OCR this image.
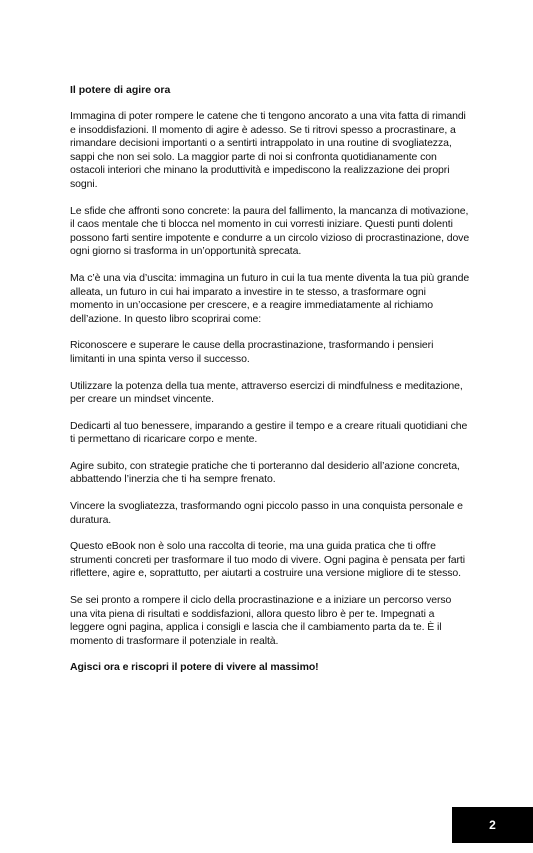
Il potere di agire ora

Immagina di poter rompere le catene che ti tengono ancorato a una vita fatta di rimandi e insoddisfazioni. Il momento di agire è adesso. Se ti ritrovi spesso a procrastinare, a rimandare decisioni importanti o a sentirti intrappolato in una routine di svogliatezza, sappi che non sei solo. La maggior parte di noi si confronta quotidianamente con ostacoli interiori che minano la produttività e impediscono la realizzazione dei propri sogni.

Le sfide che affronti sono concrete: la paura del fallimento, la mancanza di motivazione, il caos mentale che ti blocca nel momento in cui vorresti iniziare. Questi punti dolenti possono farti sentire impotente e condurre a un circolo vizioso di procrastinazione, dove ogni giorno si trasforma in un’opportunità sprecata.

Ma c’è una via d’uscita: immagina un futuro in cui la tua mente diventa la tua più grande alleata, un futuro in cui hai imparato a investire in te stesso, a trasformare ogni momento in un’occasione per crescere, e a reagire immediatamente al richiamo dell’azione. In questo libro scoprirai come:

Riconoscere e superare le cause della procrastinazione, trasformando i pensieri limitanti in una spinta verso il successo.

Utilizzare la potenza della tua mente, attraverso esercizi di mindfulness e meditazione, per creare un mindset vincente.

Dedicarti al tuo benessere, imparando a gestire il tempo e a creare rituali quotidiani che ti permettano di ricaricare corpo e mente.

Agire subito, con strategie pratiche che ti porteranno dal desiderio all’azione concreta, abbattendo l’inerzia che ti ha sempre frenato.

Vincere la svogliatezza, trasformando ogni piccolo passo in una conquista personale e duratura.

Questo eBook non è solo una raccolta di teorie, ma una guida pratica che ti offre strumenti concreti per trasformare il tuo modo di vivere. Ogni pagina è pensata per farti riflettere, agire e, soprattutto, per aiutarti a costruire una versione migliore di te stesso.

Se sei pronto a rompere il ciclo della procrastinazione e a iniziare un percorso verso una vita piena di risultati e soddisfazioni, allora questo libro è per te. Impegnati a leggere ogni pagina, applica i consigli e lascia che il cambiamento parta da te. È il momento di trasformare il potenziale in realtà.

Agisci ora e riscopri il potere di vivere al massimo!

2
